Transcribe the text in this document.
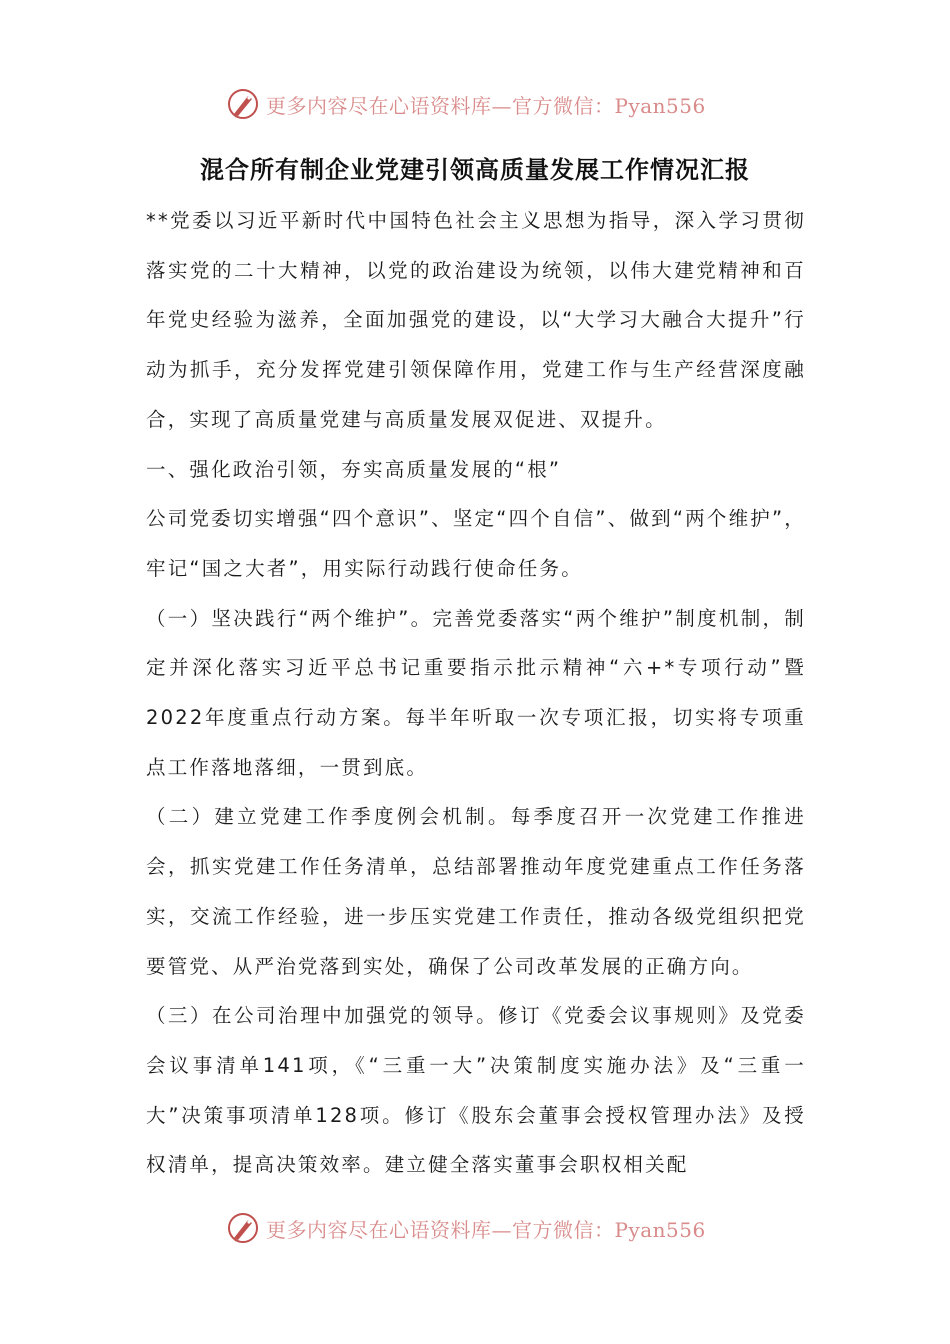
更多内容尽在心语资料库—官方微信：Pyan556
混合所有制企业党建引领高质量发展工作情况汇报

**党委以习近平新时代中国特色社会主义思想为指导，深入学习贯彻落实党的二十大精神，以党的政治建设为统领，以伟大建党精神和百年党史经验为滋养，全面加强党的建设，以“大学习大融合大提升”行动为抓手，充分发挥党建引领保障作用，党建工作与生产经营深度融合，实现了高质量党建与高质量发展双促进、双提升。

一、强化政治引领，夯实高质量发展的“根”

公司党委切实增强“四个意识”、坚定“四个自信”、做到“两个维护”，牢记“国之大者”，用实际行动践行使命任务。

（一）坚决践行“两个维护”。完善党委落实“两个维护”制度机制，制定并深化落实习近平总书记重要指示批示精神“六+*专项行动”暨2022年度重点行动方案。每半年听取一次专项汇报，切实将专项重点工作落地落细，一贯到底。

（二）建立党建工作季度例会机制。每季度召开一次党建工作推进会，抓实党建工作任务清单，总结部署推动年度党建重点工作任务落实，交流工作经验，进一步压实党建工作责任，推动各级党组织把党要管党、从严治党落到实处，确保了公司改革发展的正确方向。

（三）在公司治理中加强党的领导。修订《党委会议事规则》及党委会议事清单141项，《“三重一大”决策制度实施办法》及“三重一大”决策事项清单128项。修订《股东会董事会授权管理办法》及授权清单，提高决策效率。建立健全落实董事会职权相关配

更多内容尽在心语资料库—官方微信：Pyan556
